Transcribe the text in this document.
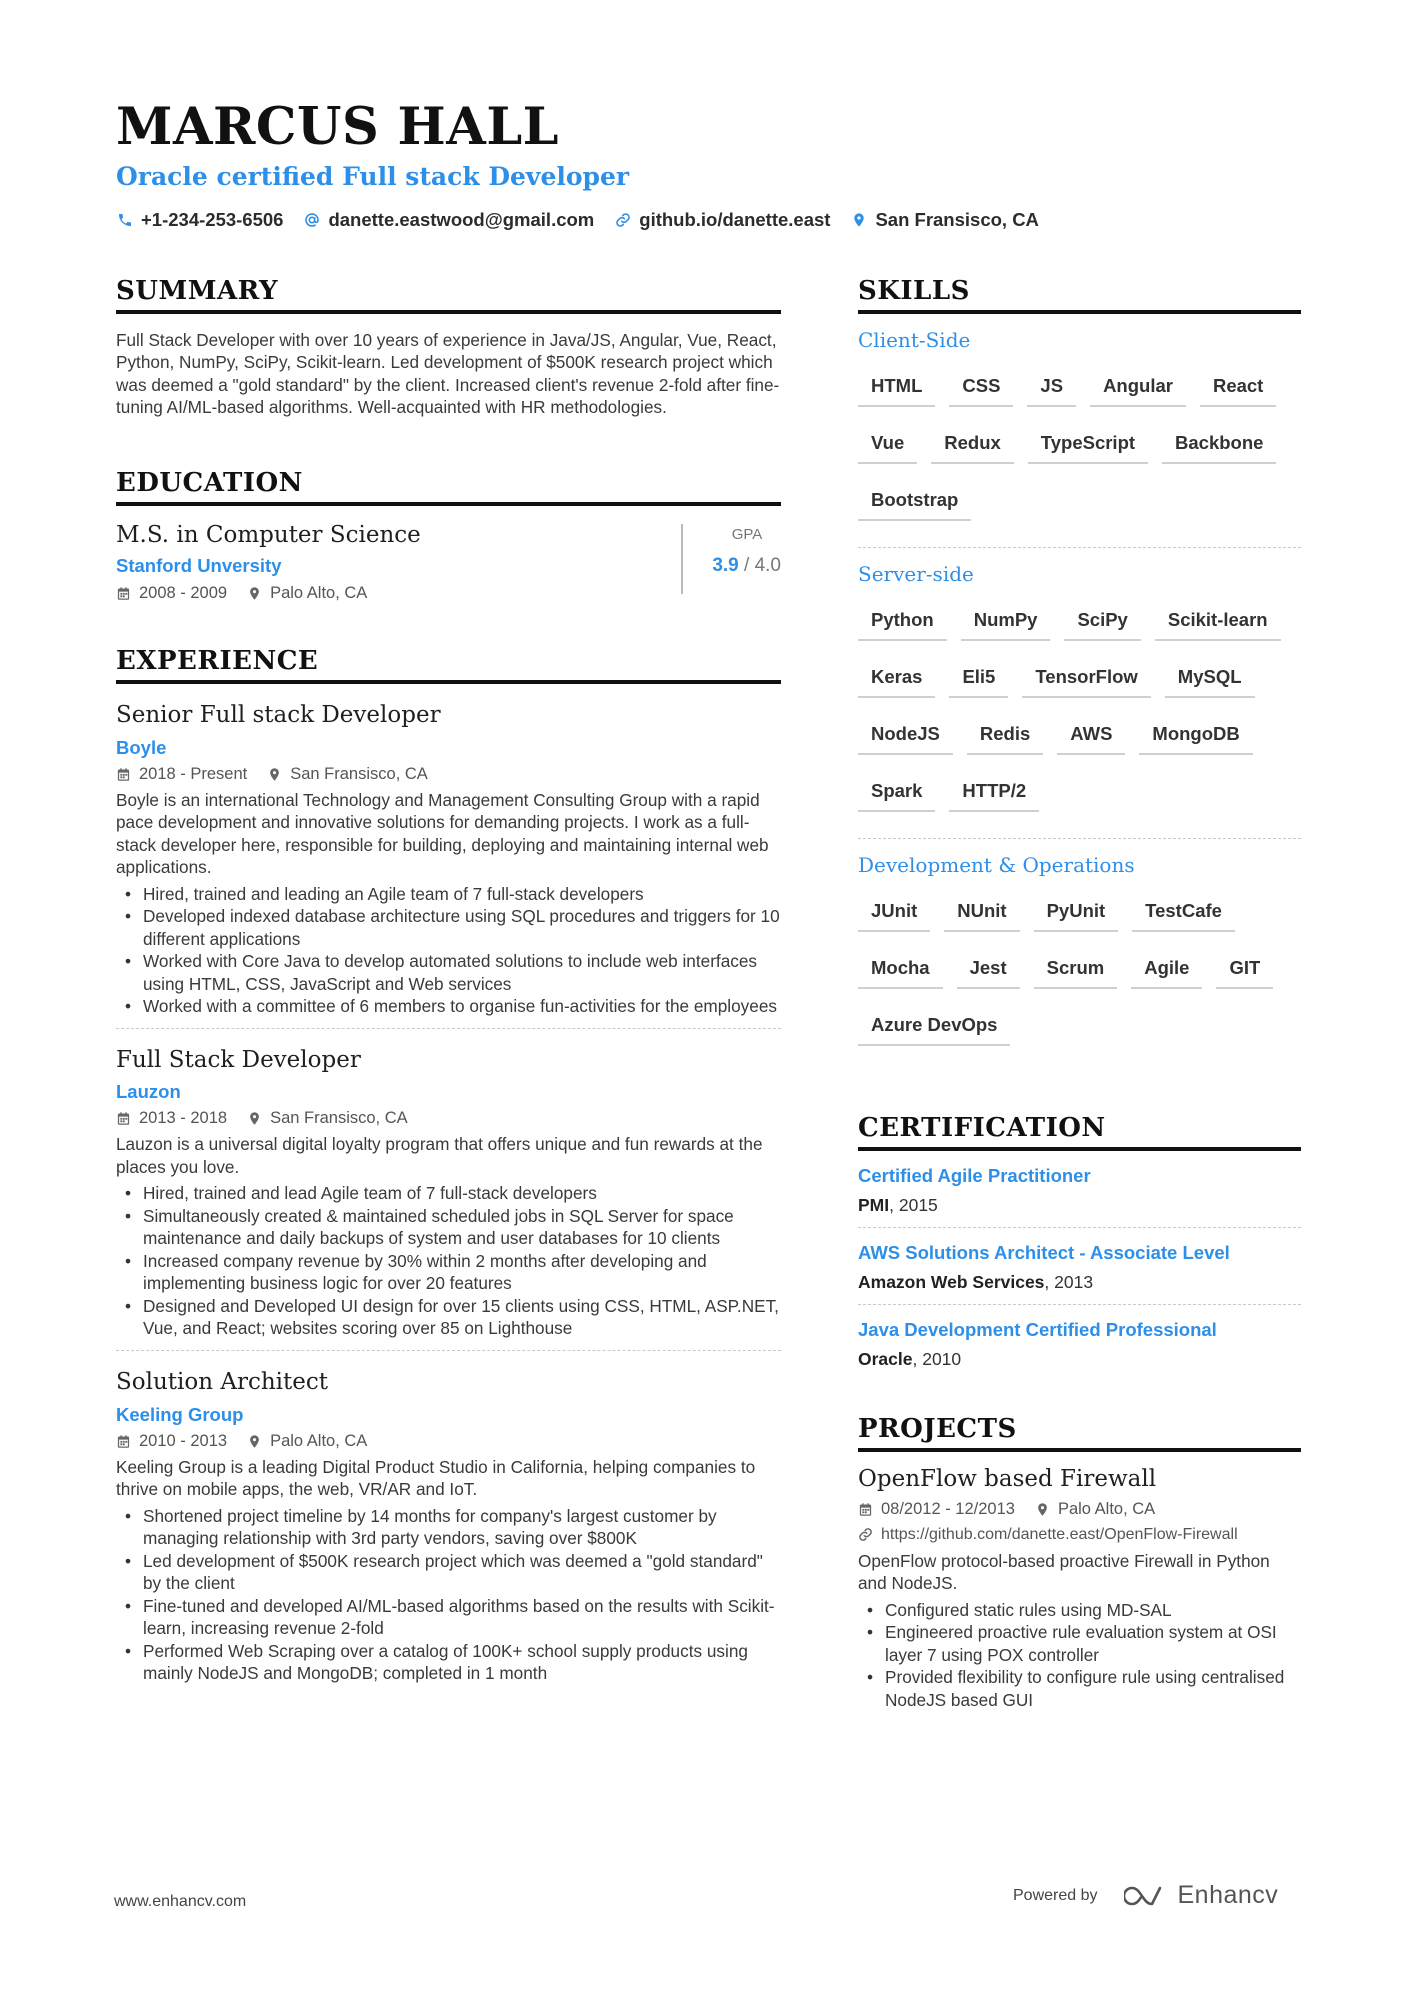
MARCUS HALL
Oracle certified Full stack Developer
+1-234-253-6506 danette.eastwood@gmail.com github.io/danette.east San Fransisco, CA
SUMMARY
Full Stack Developer with over 10 years of experience in Java/JS, Angular, Vue, React, Python, NumPy, SciPy, Scikit-learn. Led development of $500K research project which was deemed a "gold standard" by the client. Increased client's revenue 2-fold after fine-tuning AI/ML-based algorithms. Well-acquainted with HR methodologies.
EDUCATION
M.S. in Computer Science
Stanford Unversity
2008 - 2009	Palo Alto, CA
GPA
3.9 / 4.0
EXPERIENCE
Senior Full stack Developer
Boyle
2018 - Present	San Fransisco, CA
Boyle is an international Technology and Management Consulting Group with a rapid pace development and innovative solutions for demanding projects. I work as a full-stack developer here, responsible for building, deploying and maintaining internal web applications.
• Hired, trained and leading an Agile team of 7 full-stack developers
• Developed indexed database architecture using SQL procedures and triggers for 10 different applications
• Worked with Core Java to develop automated solutions to include web interfaces using HTML, CSS, JavaScript and Web services
• Worked with a committee of 6 members to organise fun-activities for the employees
Full Stack Developer
Lauzon
2013 - 2018	San Fransisco, CA
Lauzon is a universal digital loyalty program that offers unique and fun rewards at the places you love.
• Hired, trained and lead Agile team of 7 full-stack developers
• Simultaneously created & maintained scheduled jobs in SQL Server for space maintenance and daily backups of system and user databases for 10 clients
• Increased company revenue by 30% within 2 months after developing and implementing business logic for over 20 features
• Designed and Developed UI design for over 15 clients using CSS, HTML, ASP.NET, Vue, and React; websites scoring over 85 on Lighthouse
Solution Architect
Keeling Group
2010 - 2013	Palo Alto, CA
Keeling Group is a leading Digital Product Studio in California, helping companies to thrive on mobile apps, the web, VR/AR and IoT.
• Shortened project timeline by 14 months for company's largest customer by managing relationship with 3rd party vendors, saving over $800K
• Led development of $500K research project which was deemed a "gold standard" by the client
• Fine-tuned and developed AI/ML-based algorithms based on the results with Scikit-learn, increasing revenue 2-fold
• Performed Web Scraping over a catalog of 100K+ school supply products using mainly NodeJS and MongoDB; completed in 1 month
SKILLS
Client-Side
HTML	CSS	JS	Angular	React
Vue	Redux	TypeScript	Backbone
Bootstrap
Server-side
Python	NumPy	SciPy	Scikit-learn
Keras	Eli5	TensorFlow	MySQL
NodeJS	Redis	AWS	MongoDB
Spark	HTTP/2
Development & Operations
JUnit	NUnit	PyUnit	TestCafe
Mocha	Jest	Scrum	Agile	GIT
Azure DevOps
CERTIFICATION
Certified Agile Practitioner
PMI, 2015
AWS Solutions Architect - Associate Level
Amazon Web Services, 2013
Java Development Certified Professional
Oracle, 2010
PROJECTS
OpenFlow based Firewall
08/2012 - 12/2013	Palo Alto, CA
https://github.com/danette.east/OpenFlow-Firewall
OpenFlow protocol-based proactive Firewall in Python and NodeJS.
• Configured static rules using MD-SAL
• Engineered proactive rule evaluation system at OSI layer 7 using POX controller
• Provided flexibility to configure rule using centralised NodeJS based GUI
www.enhancv.com	Powered by	Enhancv
